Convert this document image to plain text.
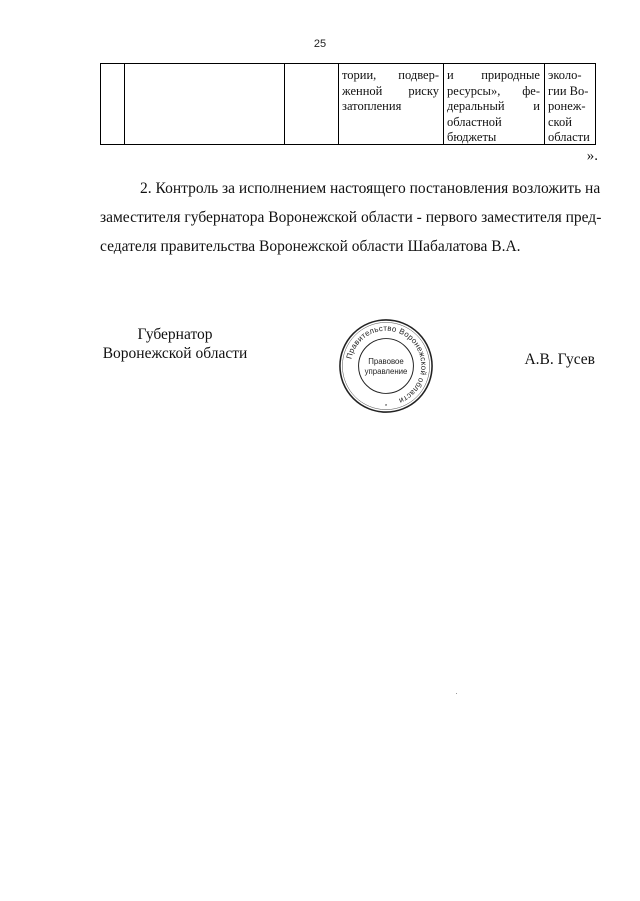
25
тории, подвер-
женной риску
затопления
и природные
ресурсы», фе-
деральный и
областной
бюджеты
эколо-
гии Во-
ронеж-
ской
области
».

2. Контроль за исполнением настоящего постановления возложить на
заместителя губернатора Воронежской области - первого заместителя пред-
седателя правительства Воронежской области Шабалатова В.А.

Губернатор
Воронежской области	А.В. Гусев
Правительство Воронежской области
Правовое
управление
*
